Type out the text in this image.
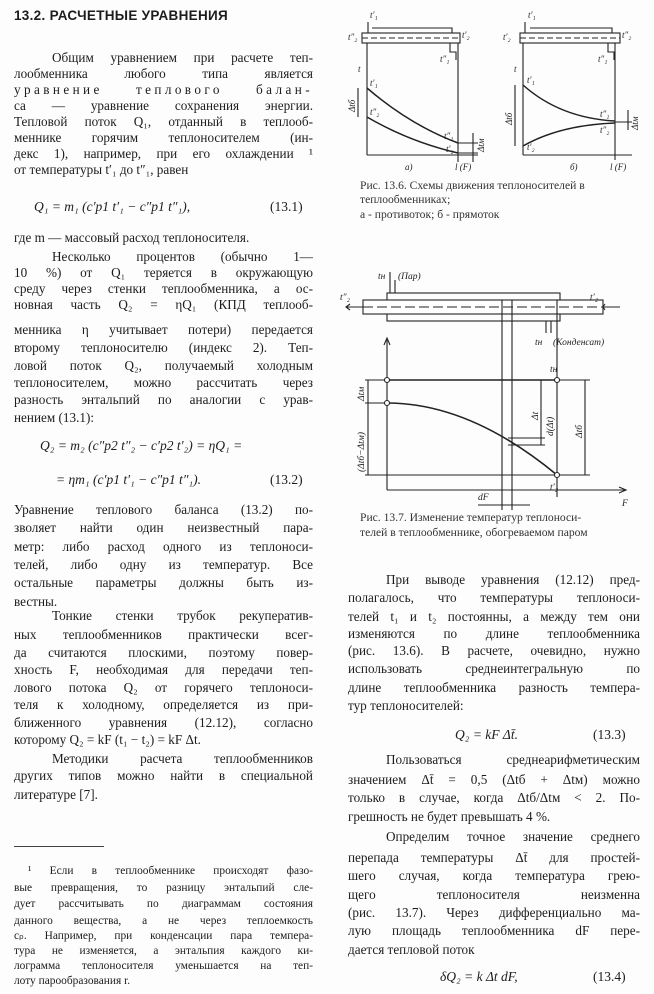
13.2. РАСЧЕТНЫЕ УРАВНЕНИЯ
Q₁ = m₁ (c′p1 t′₁ − c″p1 t″₁),	(13.1)
Q₂ = m₂ (c″p2 t″₂ − c′p2 t′₂) = ηQ₁ =
= ηm₁ (c′p1 t′₁ − c″p1 t″₁).	(13.2)
Q₂ = kF Δt̄.	(13.3)
δQ₂ = k Δt dF,	(13.4)
t′₁
t″₂	t′₂
t″₁
t
t′₁
t″₂
t″₁
t′₂
Δtб
Δtм
а)	l (F)
t′₁
t′₂	t″₂
t″₁
t
t′₁
t′₂
t″₁
t″₂
Δtб	Δtм
б)	l (F)
tн (Пар)
t″₂	t′₂
tн (Конденсат)
tн
t′₂
Δtм
(Δtб−Δtм)
Δt
d(Δt) Δtб
dF
F
Общим уравнением при расчете теп-
лообменника любого типа является
уравнение теплового балан-
са — уравнение сохранения энергии.
Тепловой поток Q₁, отданный в теплооб-
меннике горячим теплоносителем (ин-
декс 1), например, при его охлаждении ¹
от температуры t′₁ до t″₁, равен
где m — массовый расход теплоносителя.
Несколько процентов (обычно 1—
10 %) от Q₁ теряется в окружающую
среду через стенки теплообменника, а ос-
новная часть Q₂ = ηQ₁ (КПД теплооб-
менника η учитывает потери) передается
второму теплоносителю (индекс 2). Теп-
ловой поток Q₂, получаемый холодным
теплоносителем, можно рассчитать через
разность энтальпий по аналогии с урав-
нением (13.1):
Уравнение теплового баланса (13.2) по-
зволяет найти один неизвестный пара-
метр: либо расход одного из теплоноси-
телей, либо одну из температур. Все
остальные параметры должны быть из-
вестны.
Тонкие стенки трубок рекуператив-
ных теплообменников практически всег-
да считаются плоскими, поэтому повер-
хность F, необходимая для передачи теп-
лового потока Q₂ от горячего теплоноси-
теля к холодному, определяется из при-
ближенного уравнения (12.12), согласно
которому Q₂ = kF (t₁ − t₂) = kF Δt.
Методики расчета теплообменников
других типов можно найти в специальной
литературе [7].
¹ Если в теплообменнике происходят фазо-
вые превращения, то разницу энтальпий сле-
дует рассчитывать по диаграммам состояния
данного вещества, а не через теплоемкость
cₚ. Например, при конденсации пара темпера-
тура не изменяется, а энтальпия каждого ки-
лограмма теплоносителя уменьшается на теп-
лоту парообразования r.
Рис. 13.6. Схемы движения теплоносителей в
теплообменниках;
а - противоток; б - прямоток
Рис. 13.7. Изменение температур теплоноси-
телей в теплообменнике, обогреваемом паром
При выводе уравнения (12.12) пред-
полагалось, что температуры теплоноси-
телей t₁ и t₂ постоянны, а между тем они
изменяются по длине теплообменника
(рис. 13.6). В расчете, очевидно, нужно
использовать среднеинтегральную по
длине теплообменника разность темпера-
тур теплоносителей:
Пользоваться среднеарифметическим
значением Δt̄ = 0,5 (Δtб + Δtм) можно
только в случае, когда Δtб/Δtм < 2. По-
грешность не будет превышать 4 %.
Определим точное значение среднего
перепада температуры Δt̄ для простей-
шего случая, когда температура грею-
щего теплоносителя неизменна
(рис. 13.7). Через дифференциально ма-
лую площадь теплообменника dF пере-
дается тепловой поток
